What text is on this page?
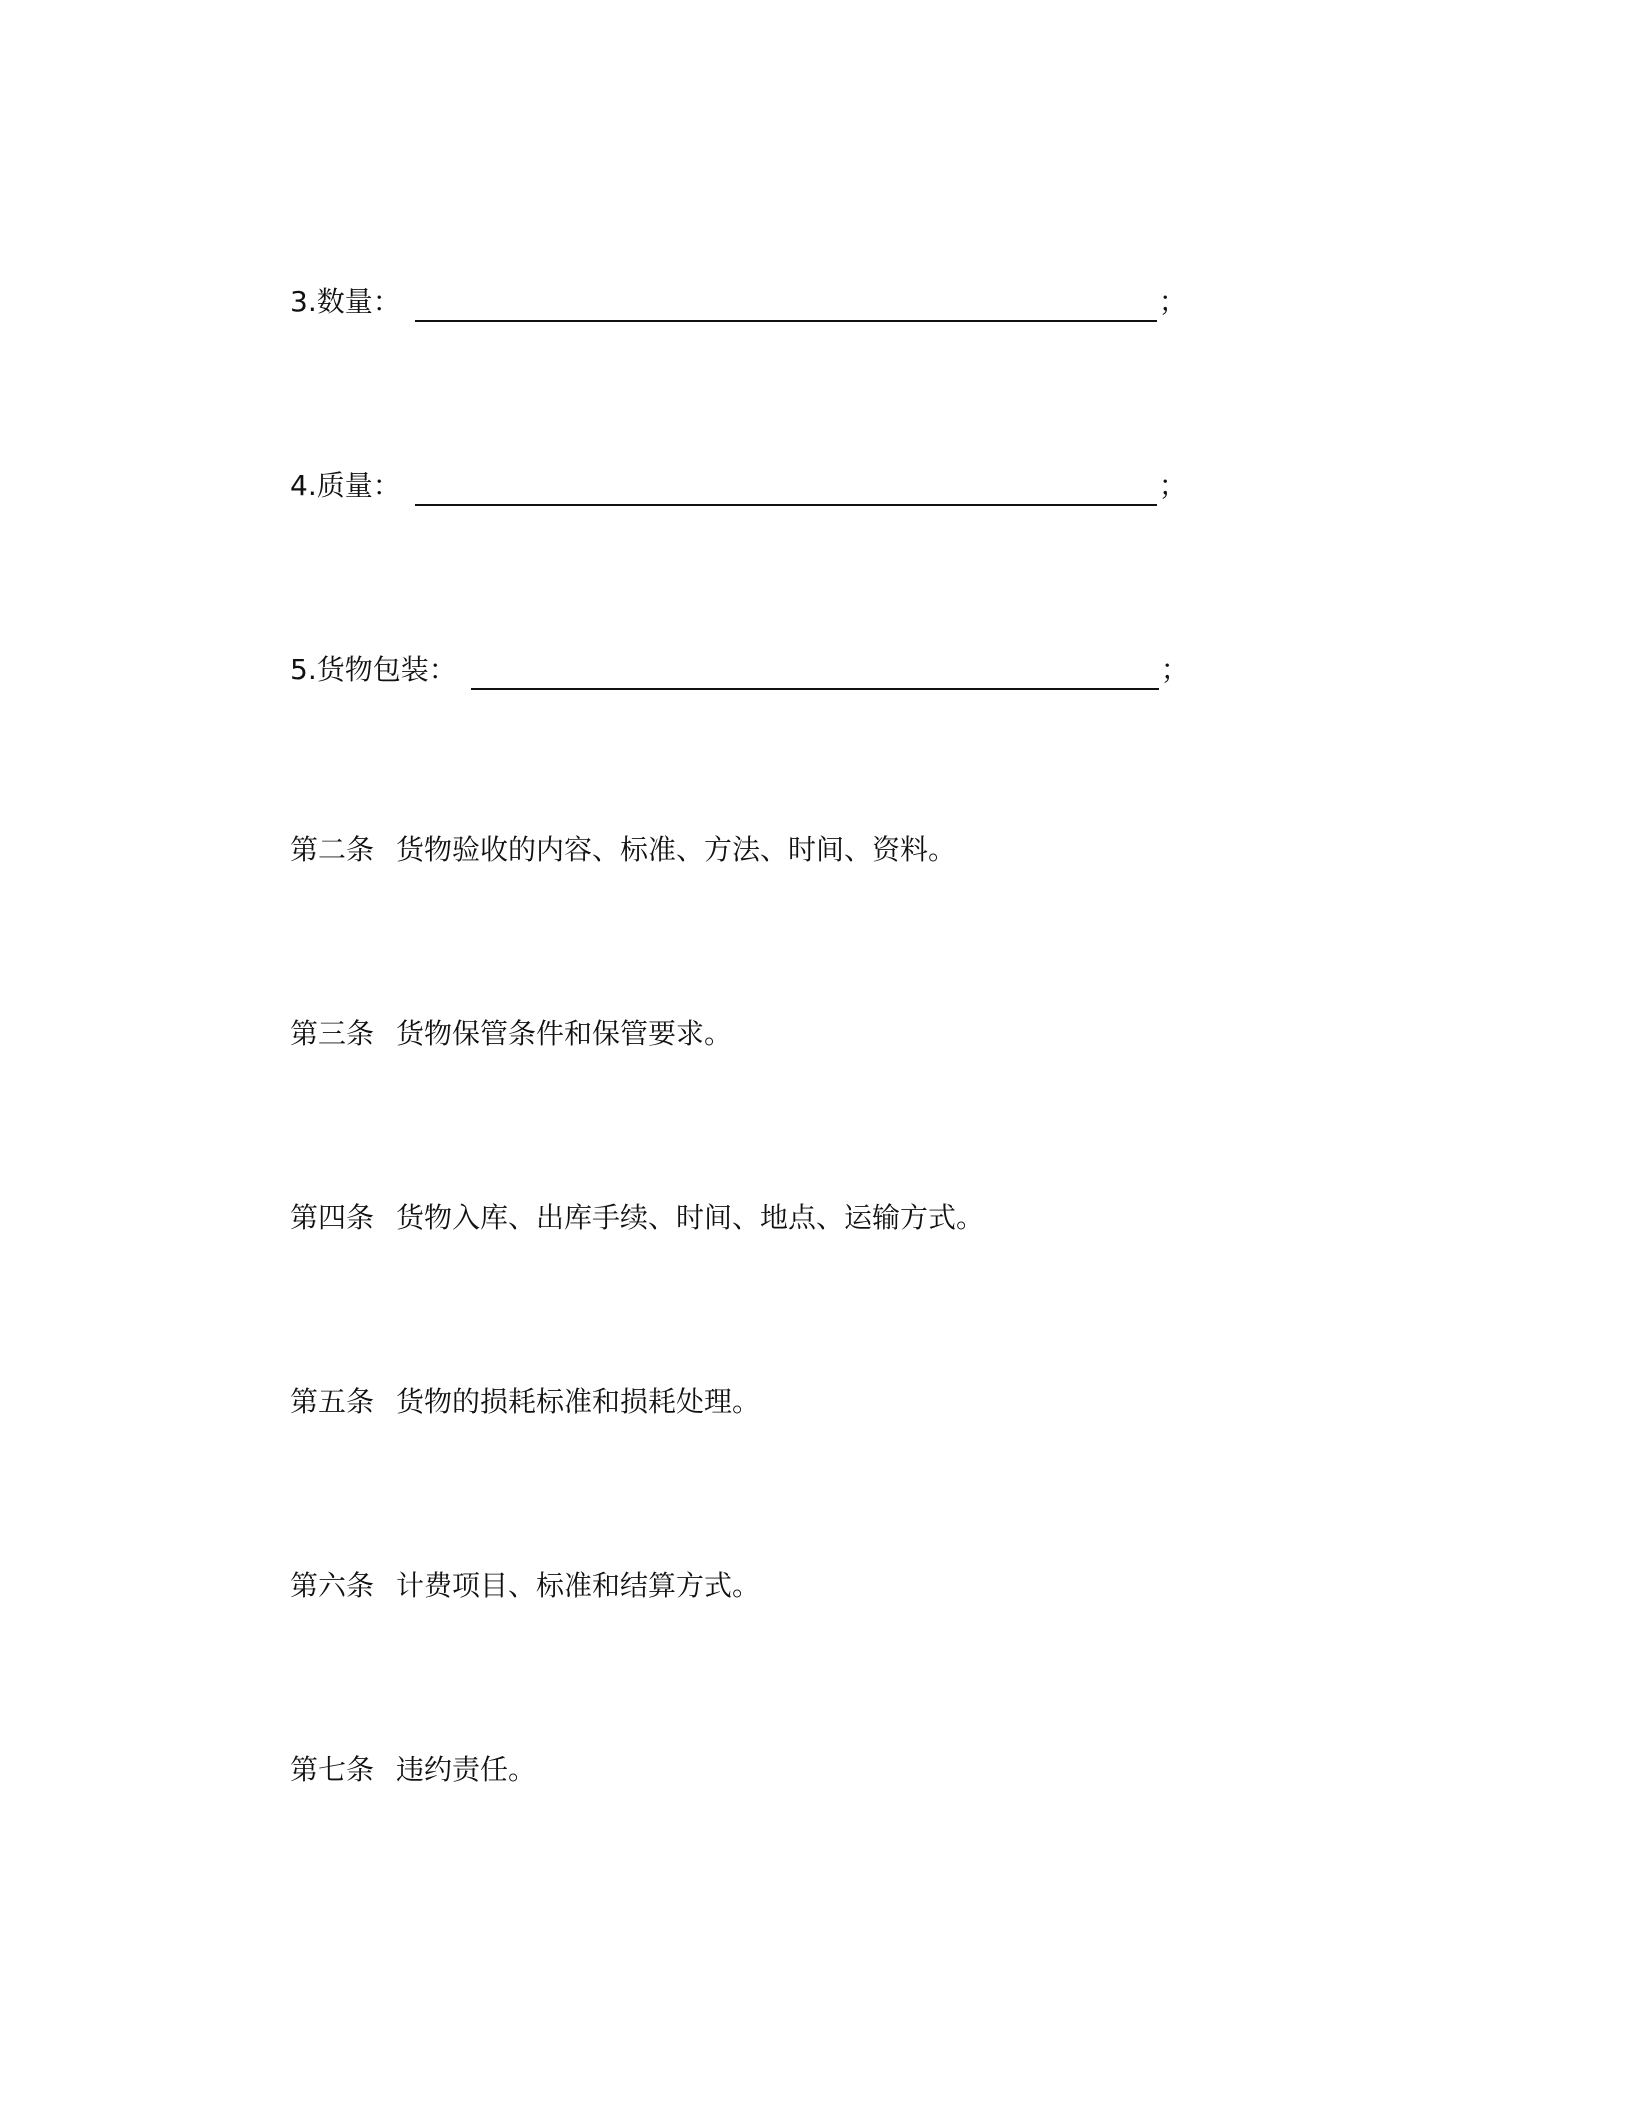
3.数量：	；
4.质量：	；
5.货物包装：	；
第二条 货物验收的内容、标准、方法、时间、资料。
第三条 货物保管条件和保管要求。
第四条 货物入库、出库手续、时间、地点、运输方式。
第五条 货物的损耗标准和损耗处理。
第六条 计费项目、标准和结算方式。
第七条 违约责任。
